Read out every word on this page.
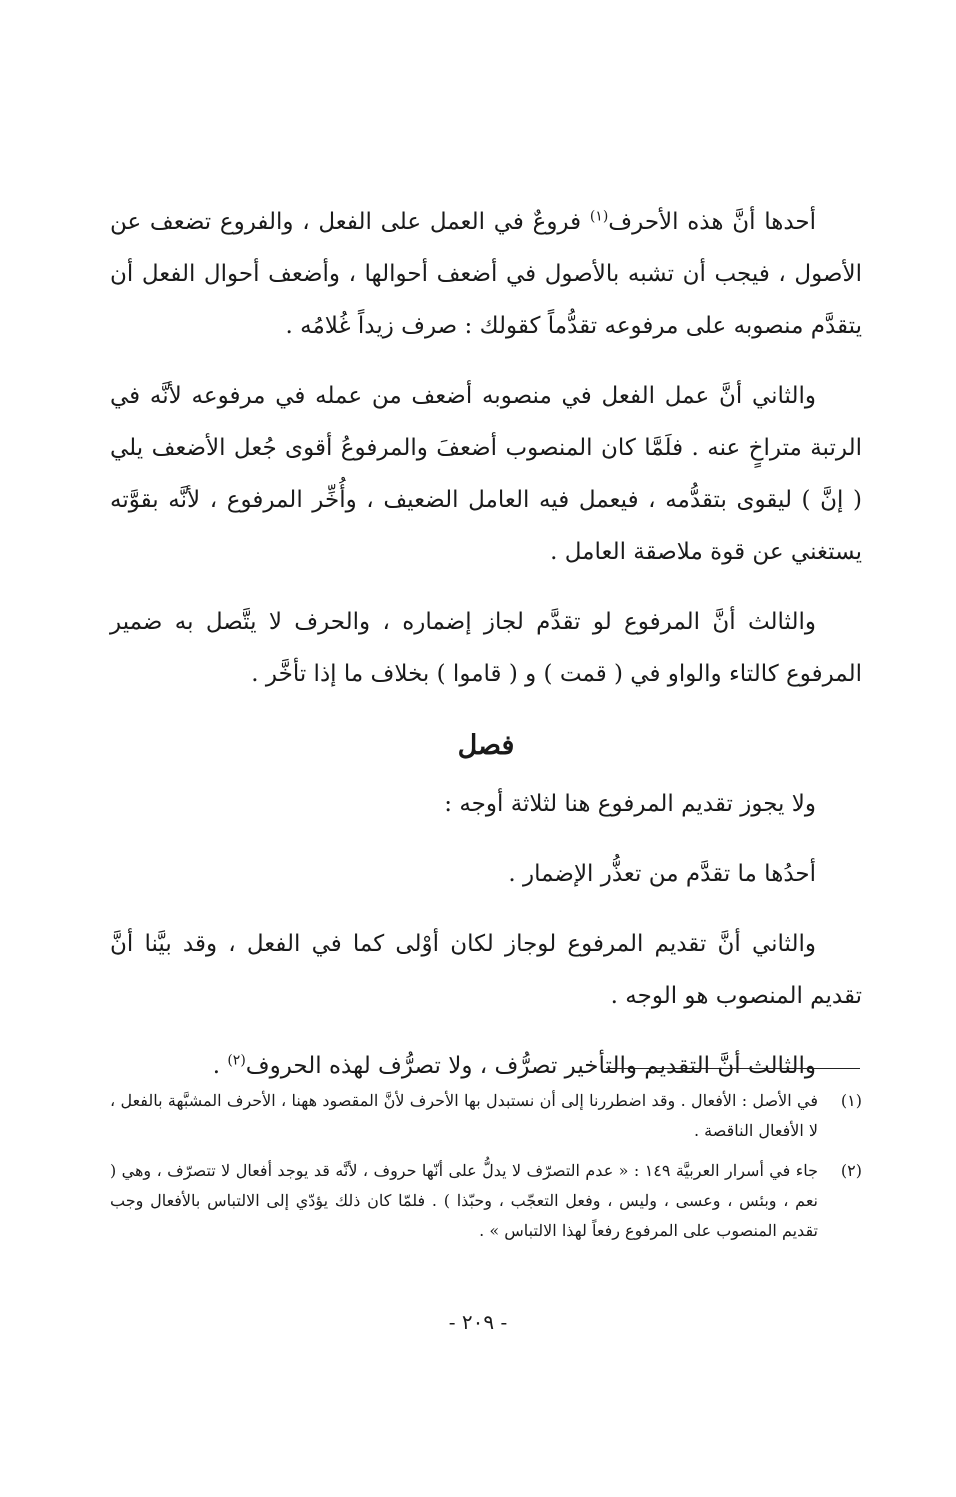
أحدها أنَّ هذه الأحرف$^{(١)}$ فروعٌ في العمل على الفعل ، والفروع تضعف عن الأصول ، فيجب أن تشبه بالأصول في أضعف أحوالها ، وأضعف أحوال الفعل أن يتقدَّم منصوبه على مرفوعه تقدُّماً كقولك : صرف زيداً غُلامُه .

والثاني أنَّ عمل الفعل في منصوبه أضعف من عمله في مرفوعه لأنَّه في الرتبة متراخٍ عنه . فلَمَّا كان المنصوب أضعفَ والمرفوعُ أقوى جُعل الأضعف يلي ( إنَّ ) ليقوى بتقدُّمه ، فيعمل فيه العامل الضعيف ، وأُخِّر المرفوع ، لأنَّه بقوَّته يستغني عن قوة ملاصقة العامل .

والثالث أنَّ المرفوع لو تقدَّم لجاز إضماره ، والحرف لا يتَّصل به ضمير المرفوع كالتاء والواو في ( قمت ) و ( قاموا ) بخلاف ما إذا تأخَّر .

فصل

ولا يجوز تقديم المرفوع هنا لثلاثة أوجه :

أحدُها ما تقدَّم من تعذُّر الإضمار .

والثاني أنَّ تقديم المرفوع لوجاز لكان أوْلى كما في الفعل ، وقد بيَّنا أنَّ تقديم المنصوب هو الوجه .

والثالث أنَّ التقديم والتأخير تصرُّف ، ولا تصرُّف لهذه الحروف$^{(٢)}$ .

(١)
في الأصل : الأفعال . وقد اضطررنا إلى أن نستبدل بها الأحرف لأنَّ المقصود ههنا ، الأحرف المشبَّهة بالفعل ، لا الأفعال الناقصة .
(٢)
جاء في أسرار العربيَّة ١٤٩ : « عدم التصرّف لا يدلُّ على أنّها حروف ، لأنَّه قد يوجد أفعال لا تتصرّف ، وهي ( نعم ، وبئس ، وعسى ، وليس ، وفعل التعجّب ، وحبّذا ) . فلمّا كان ذلك يؤدّي إلى الالتباس بالأفعال وجب تقديم المنصوب على المرفوع رفعاً لهذا الالتباس » .
- ٢٠٩ -
